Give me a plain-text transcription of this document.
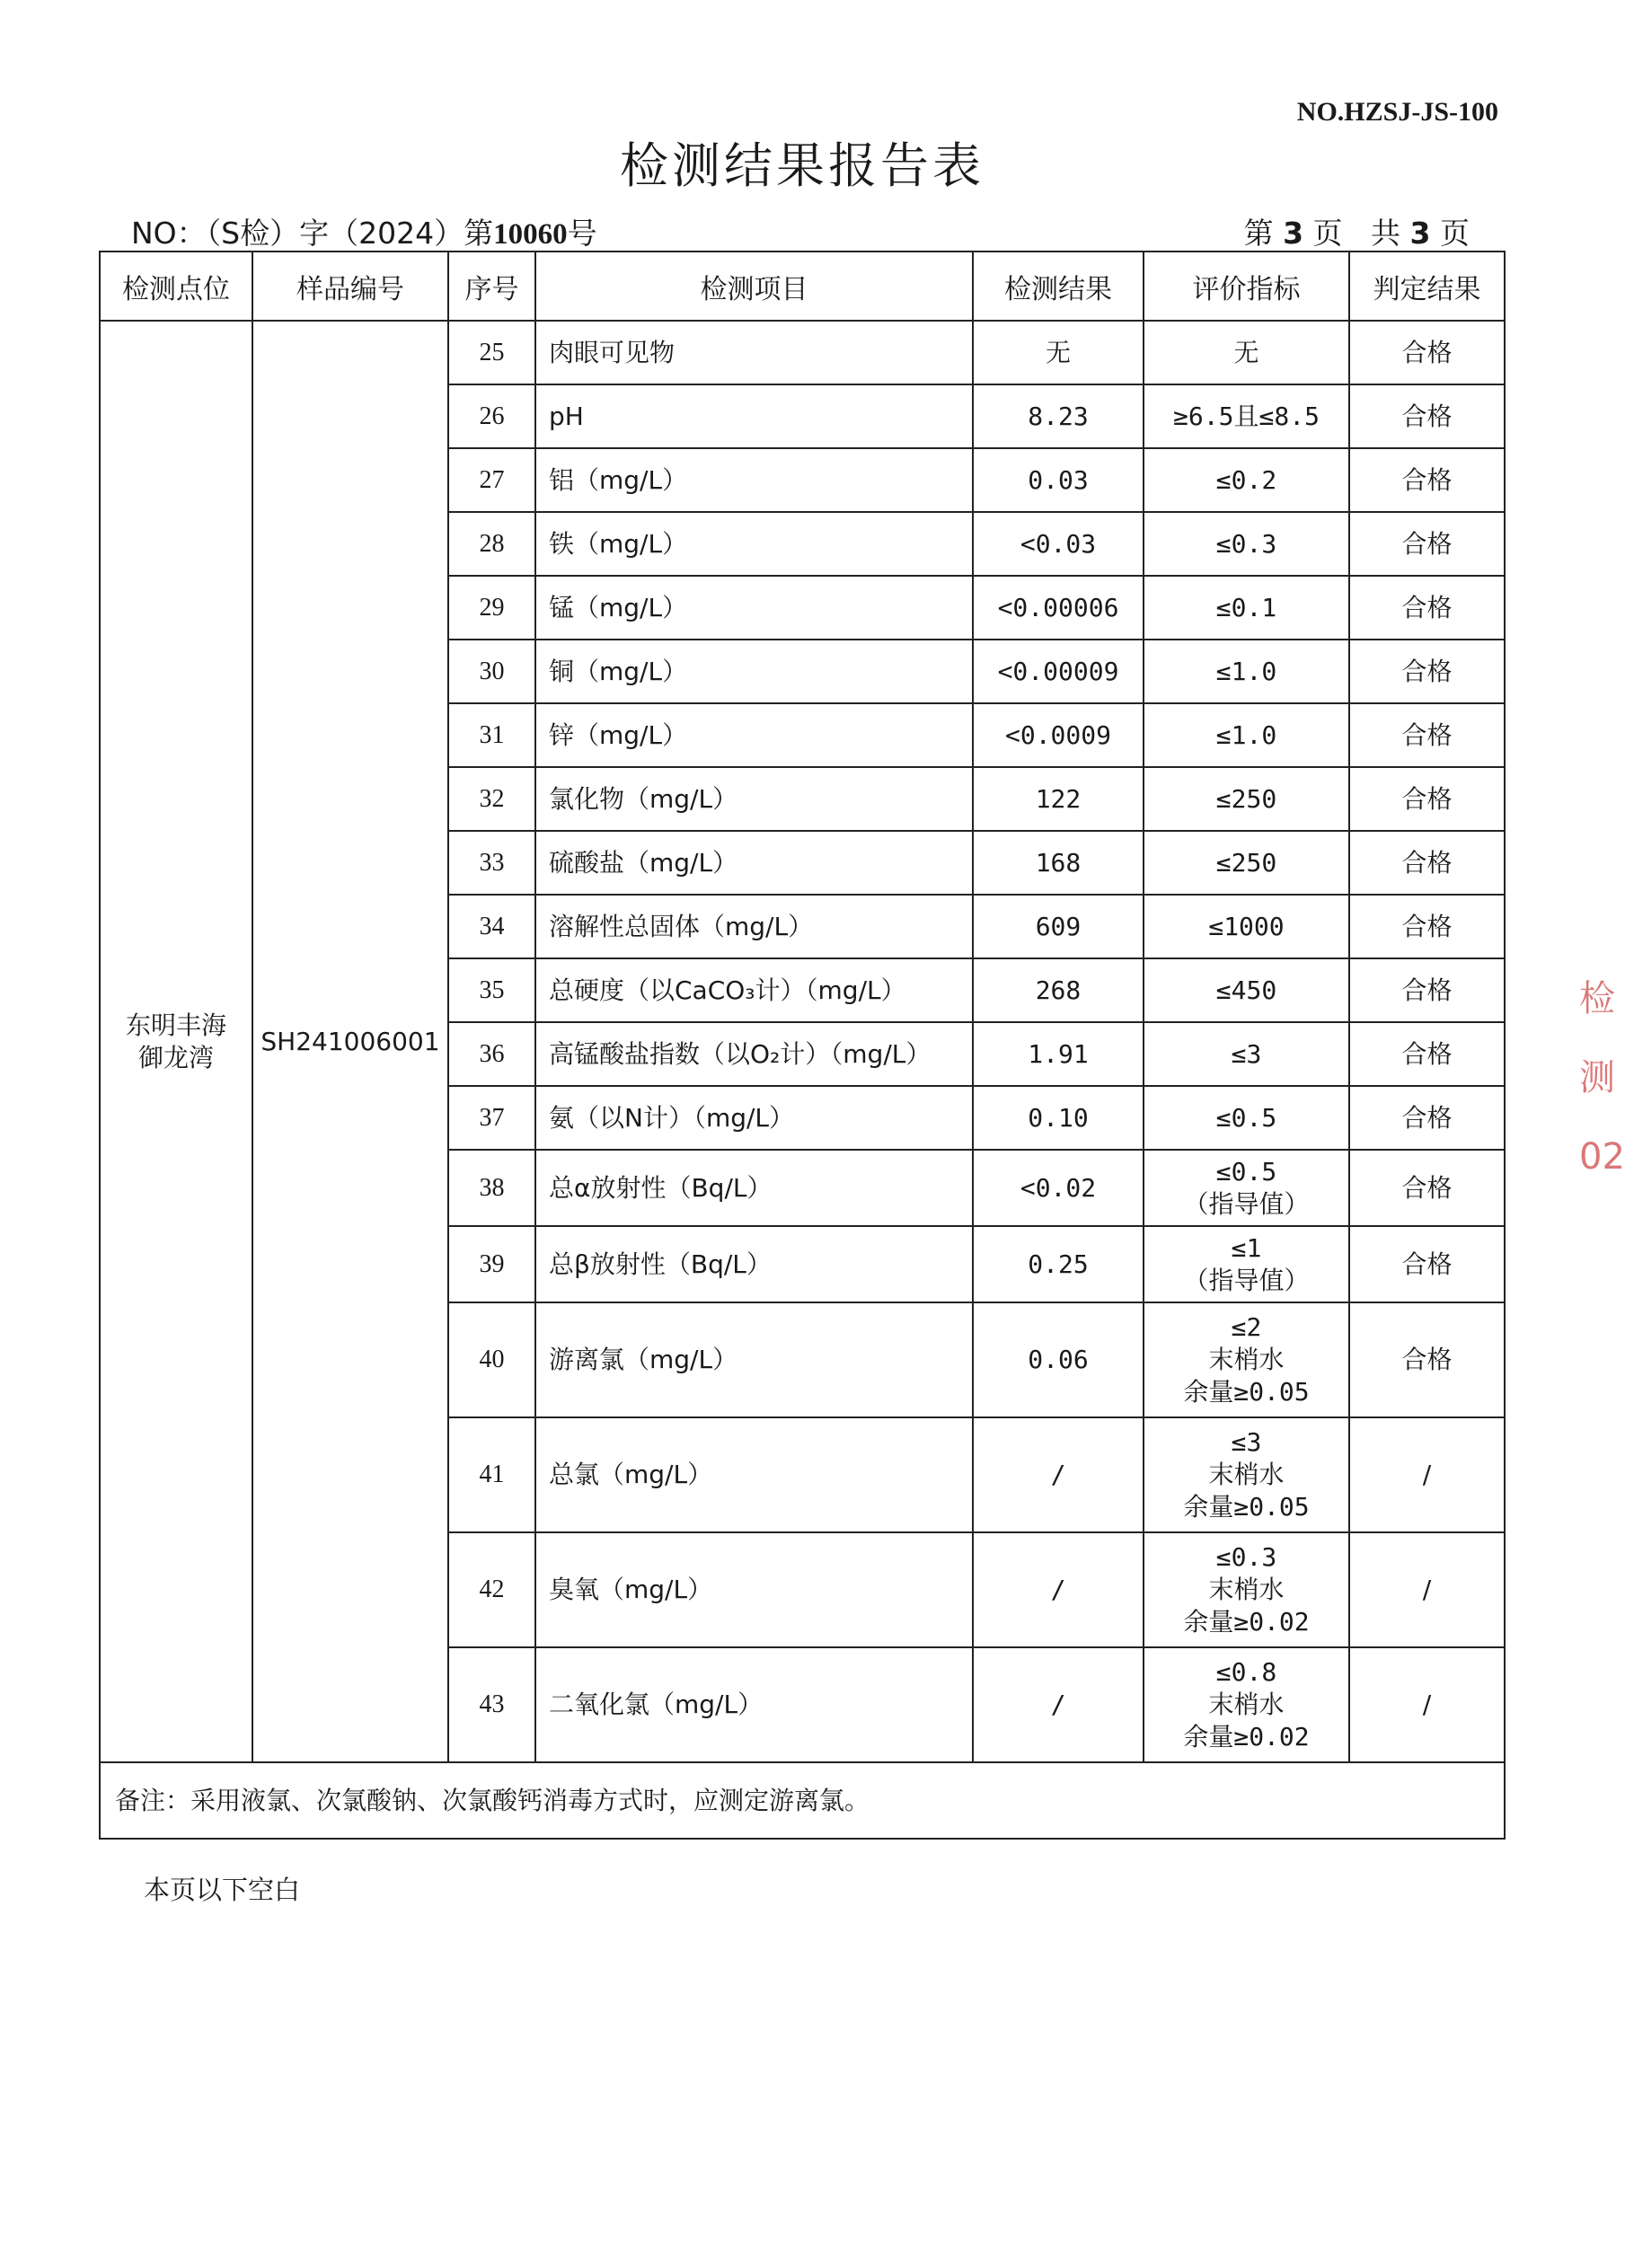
NO.HZSJ-JS-100
检测结果报告表
NO：（S检）字（2024）第10060号	第 3 页 共 3 页
检测点位	样品编号	序号	检测项目	检测结果	评价指标	判定结果
东明丰海
御龙湾	SH241006001	25	肉眼可见物	无	无	合格
		26	pH	8.23	≥6.5且≤8.5	合格
		27	铝（mg/L）	0.03	≤0.2	合格
		28	铁（mg/L）	<0.03	≤0.3	合格
		29	锰（mg/L）	<0.00006	≤0.1	合格
		30	铜（mg/L）	<0.00009	≤1.0	合格
		31	锌（mg/L）	<0.0009	≤1.0	合格
		32	氯化物（mg/L）	122	≤250	合格
		33	硫酸盐（mg/L）	168	≤250	合格
		34	溶解性总固体（mg/L）	609	≤1000	合格
		35	总硬度（以CaCO₃计）（mg/L）	268	≤450	合格
		36	高锰酸盐指数（以O₂计）（mg/L）	1.91	≤3	合格
		37	氨（以N计）（mg/L）	0.10	≤0.5	合格
		38	总α放射性（Bq/L）	<0.02	≤0.5
（指导值）	合格
		39	总β放射性（Bq/L）	0.25	≤1
（指导值）	合格
		40	游离氯（mg/L）	0.06	≤2
末梢水
余量≥0.05	合格
		41	总氯（mg/L）	/	≤3
末梢水
余量≥0.05	/
		42	臭氧（mg/L）	/	≤0.3
末梢水
余量≥0.02	/
		43	二氧化氯（mg/L）	/	≤0.8
末梢水
余量≥0.02	/
备注：采用液氯、次氯酸钠、次氯酸钙消毒方式时，应测定游离氯。						
本页以下空白
检
测
02
